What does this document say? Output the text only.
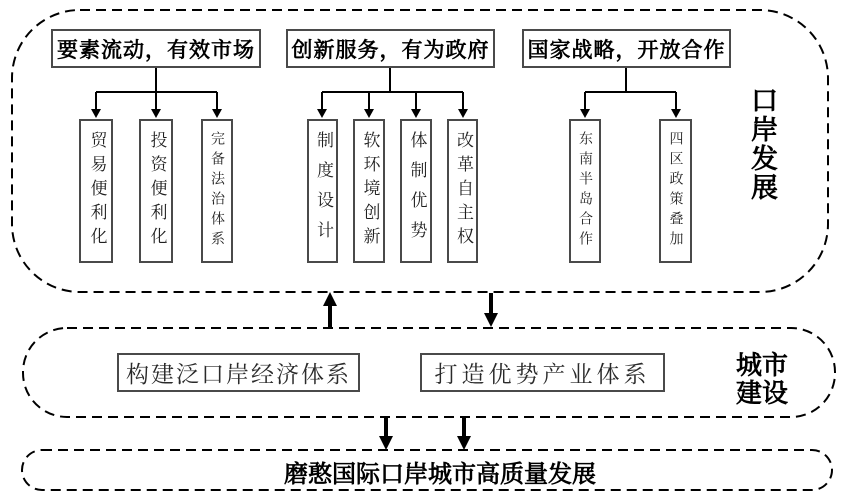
要素流动，有效市场 创新服务，有为政府 国家战略，开放合作
贸易便利化 投资便利化	完备法治体系	制度设计 软环境创新 体制优势 改革自主权	东南半岛合作	四区政策叠加 口岸发展
构建泛口岸经济体系	打造优势产业体系	城市建设
磨憨国际口岸城市高质量发展
